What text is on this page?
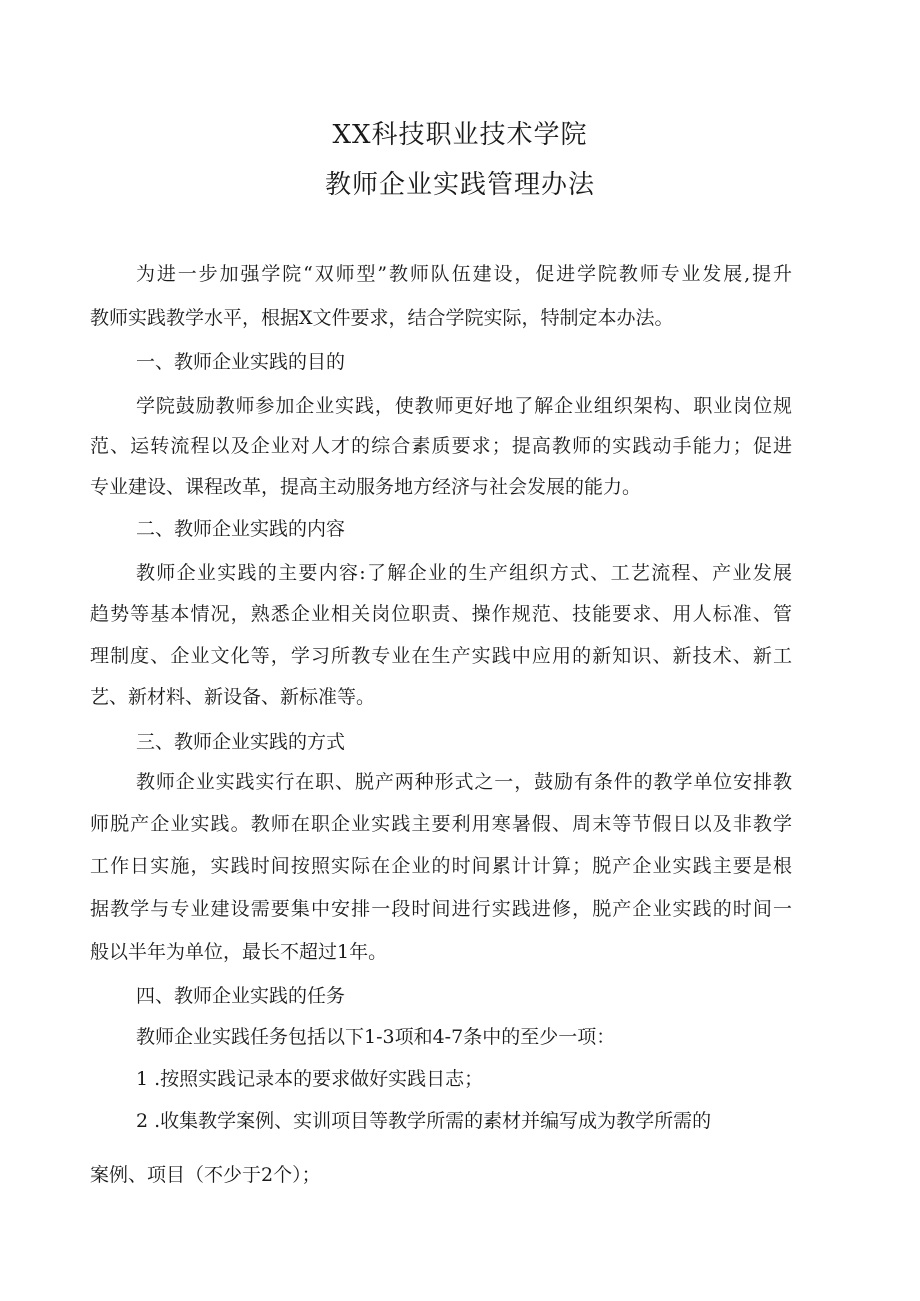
XX科技职业技术学院
教师企业实践管理办法
为进一步加强学院“双师型”教师队伍建设，促进学院教师专业发展,提升
教师实践教学水平，根据X文件要求，结合学院实际，特制定本办法。
一、教师企业实践的目的
学院鼓励教师参加企业实践，使教师更好地了解企业组织架构、职业岗位规
范、运转流程以及企业对人才的综合素质要求；提高教师的实践动手能力；促进
专业建设、课程改革，提高主动服务地方经济与社会发展的能力。
二、教师企业实践的内容
教师企业实践的主要内容:了解企业的生产组织方式、工艺流程、产业发展
趋势等基本情况，熟悉企业相关岗位职责、操作规范、技能要求、用人标准、管
理制度、企业文化等，学习所教专业在生产实践中应用的新知识、新技术、新工
艺、新材料、新设备、新标准等。
三、教师企业实践的方式
教师企业实践实行在职、脱产两种形式之一，鼓励有条件的教学单位安排教
师脱产企业实践。教师在职企业实践主要利用寒暑假、周末等节假日以及非教学
工作日实施，实践时间按照实际在企业的时间累计计算；脱产企业实践主要是根
据教学与专业建设需要集中安排一段时间进行实践进修，脱产企业实践的时间一
般以半年为单位，最长不超过1年。
四、教师企业实践的任务
教师企业实践任务包括以下1-3项和4-7条中的至少一项：
1 .按照实践记录本的要求做好实践日志；
2 .收集教学案例、实训项目等教学所需的素材并编写成为教学所需的
案例、项目（不少于2个）；
